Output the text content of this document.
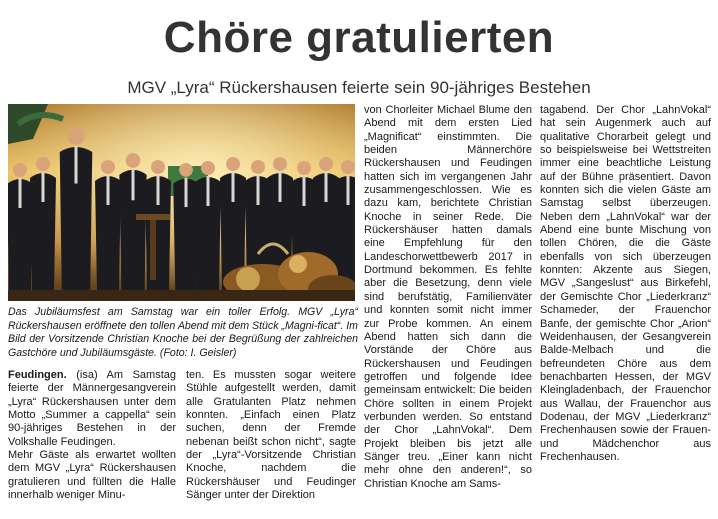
Chöre gratulierten
MGV „Lyra“ Rückershausen feierte sein 90-jähriges Bestehen
Das Jubiläumsfest am Samstag war ein toller Erfolg. MGV „Lyra“ Rückershausen eröffnete den tollen Abend mit dem Stück „Magni-ficat“. Im Bild der Vorsitzende Christian Knoche bei der Begrüßung der zahlreichen Gastchöre und Jubiläumsgäste. (Foto: I. Geisler)

Feudingen. (isa) Am Samstag feierte der Männergesangverein „Lyra“ Rückershausen unter dem Motto „Summer a cappella“ sein 90-jähriges Bestehen in der Volkshalle Feudingen.

Mehr Gäste als erwartet wollten dem MGV „Lyra“ Rückershausen gratulieren und füllten die Halle innerhalb weniger Minu-

ten. Es mussten sogar weitere Stühle aufgestellt werden, damit alle Gratulanten Platz nehmen konnten. „Einfach einen Platz suchen, denn der Fremde nebenan beißt schon nicht“, sagte der „Lyra“-Vorsitzende Christian Knoche, nachdem die Rückershäuser und Feudinger Sänger unter der Direktion

von Chorleiter Michael Blume den Abend mit dem ersten Lied „Magnificat“ einstimmten. Die beiden Männerchöre Rückershausen und Feudingen hatten sich im vergangenen Jahr zusammengeschlossen. Wie es dazu kam, berichtete Christian Knoche in seiner Rede. Die Rückershäuser hatten damals eine Empfehlung für den Landeschorwettbewerb 2017 in Dortmund bekommen. Es fehlte aber die Besetzung, denn viele sind berufstätig, Familienväter und konnten somit nicht immer zur Probe kommen. An einem Abend hatten sich dann die Vorstände der Chöre aus Rückershausen und Feudingen getroffen und folgende Idee gemeinsam entwickelt: Die beiden Chöre sollten in einem Projekt verbunden werden. So entstand der Chor „LahnVokal“. Dem Projekt bleiben bis jetzt alle Sänger treu. „Einer kann nicht mehr ohne den anderen!“, so Christian Knoche am Sams-

tagabend. Der Chor „LahnVokal“ hat sein Augenmerk auch auf qualitative Chorarbeit gelegt und so beispielsweise bei Wettstreiten immer eine beachtliche Leistung auf der Bühne präsentiert. Davon konnten sich die vielen Gäste am Samstag selbst überzeugen. Neben dem „LahnVokal“ war der Abend eine bunte Mischung von tollen Chören, die die Gäste ebenfalls von sich überzeugen konnten: Akzente aus Siegen, MGV „Sangeslust“ aus Birkefehl, der Gemischte Chor „Liederkranz“ Schameder, der Frauenchor Banfe, der gemischte Chor „Arion“ Weidenhausen, der Gesangverein Balde-Melbach und die befreundeten Chöre aus dem benachbarten Hessen, der MGV Kleingladenbach, der Frauenchor aus Wallau, der Frauenchor aus Dodenau, der MGV „Liederkranz“ Frechenhausen sowie der Frauen- und Mädchenchor aus Frechenhausen.
